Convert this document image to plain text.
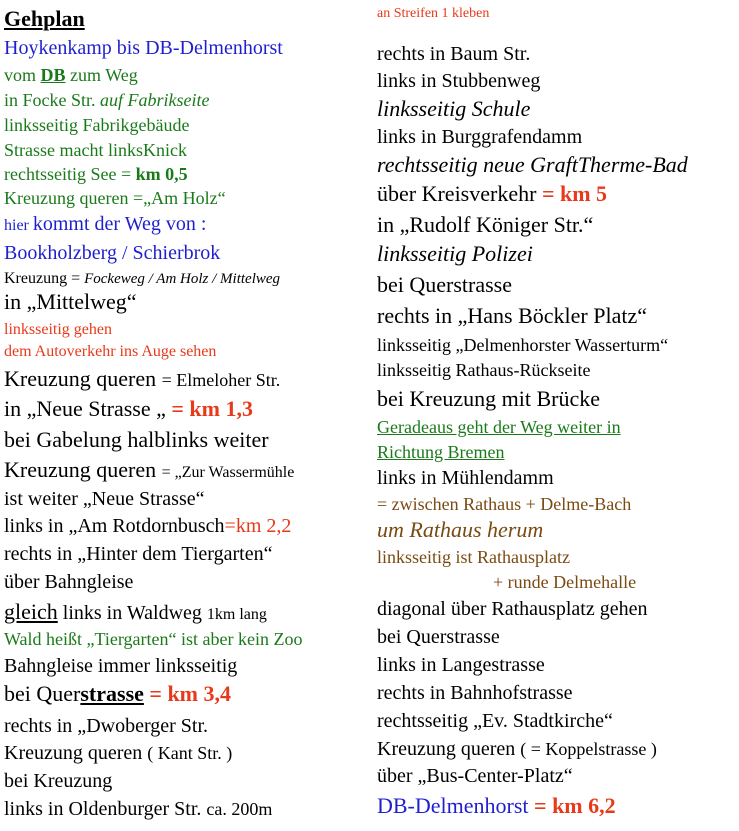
Gehplan
Hoykenkamp bis DB-Delmenhorst
vom DB zum Weg
in Focke Str. auf Fabrikseite
linksseitig Fabrikgebäude
Strasse macht linksKnick
rechtsseitig See = km 0,5
Kreuzung queren =„Am Holz“
hier kommt der Weg von :
Bookholzberg / Schierbrok
Kreuzung = Fockeweg / Am Holz / Mittelweg
in „Mittelweg“
linksseitig gehen
dem Autoverkehr ins Auge sehen
Kreuzung queren = Elmeloher Str.
in „Neue Strasse „ = km 1,3
bei Gabelung halblinks weiter
Kreuzung queren = „Zur Wassermühle
ist weiter „Neue Strasse“
links in „Am Rotdornbusch=km 2,2
rechts in „Hinter dem Tiergarten“
über Bahngleise
gleich links in Waldweg 1km lang
Wald heißt „Tiergarten“ ist aber kein Zoo
Bahngleise immer linksseitig
bei Querstrasse = km 3,4
rechts in „Dwoberger Str.
Kreuzung queren ( Kant Str. )
bei Kreuzung
links in Oldenburger Str. ca. 200m
an Streifen 1 kleben
rechts in Baum Str.
links in Stubbenweg
linksseitig Schule
links in Burggrafendamm
rechtsseitig neue GraftTherme-Bad
über Kreisverkehr = km 5
in „Rudolf Königer Str.“
linksseitig Polizei
bei Querstrasse
rechts in „Hans Böckler Platz“
linksseitig „Delmenhorster Wasserturm“
linksseitig Rathaus-Rückseite
bei Kreuzung mit Brücke
Geradeaus geht der Weg weiter in
Richtung Bremen
links in Mühlendamm
= zwischen Rathaus + Delme-Bach
um Rathaus herum
linksseitig ist Rathausplatz
+ runde Delmehalle
diagonal über Rathausplatz gehen
bei Querstrasse
links in Langestrasse
rechts in Bahnhofstrasse
rechtsseitig „Ev. Stadtkirche“
Kreuzung queren ( = Koppelstrasse )
über „Bus-Center-Platz“
DB-Delmenhorst = km 6,2
